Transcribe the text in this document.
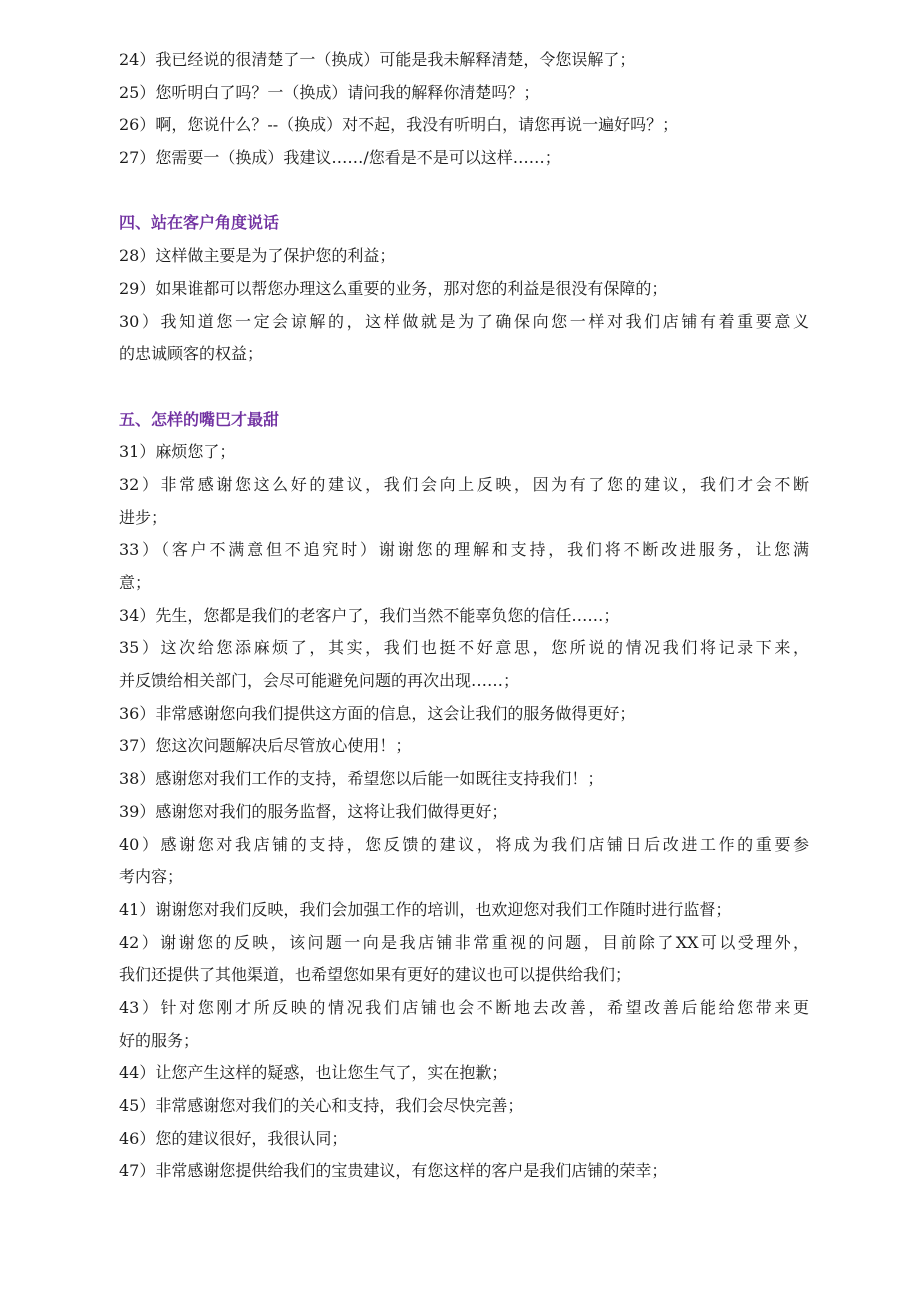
24）我已经说的很清楚了一（换成）可能是我未解释清楚，令您误解了；
25）您听明白了吗？一（换成）请问我的解释你清楚吗？；
26）啊，您说什么？--（换成）对不起，我没有听明白，请您再说一遍好吗？；
27）您需要一（换成）我建议……/您看是不是可以这样……；
四、站在客户角度说话
28）这样做主要是为了保护您的利益；
29）如果谁都可以帮您办理这么重要的业务，那对您的利益是很没有保障的；
30）我知道您一定会谅解的，这样做就是为了确保向您一样对我们店铺有着重要意义
的忠诚顾客的权益；
五、怎样的嘴巴才最甜
31）麻烦您了；
32）非常感谢您这么好的建议，我们会向上反映，因为有了您的建议，我们才会不断
进步；
33）（客户不满意但不追究时）谢谢您的理解和支持，我们将不断改进服务，让您满
意；
34）先生，您都是我们的老客户了，我们当然不能辜负您的信任……；
35）这次给您添麻烦了，其实，我们也挺不好意思，您所说的情况我们将记录下来，
并反馈给相关部门，会尽可能避免问题的再次出现……；
36）非常感谢您向我们提供这方面的信息，这会让我们的服务做得更好；
37）您这次问题解决后尽管放心使用！；
38）感谢您对我们工作的支持，希望您以后能一如既往支持我们！；
39）感谢您对我们的服务监督，这将让我们做得更好；
40）感谢您对我店铺的支持，您反馈的建议，将成为我们店铺日后改进工作的重要参
考内容；
41）谢谢您对我们反映，我们会加强工作的培训，也欢迎您对我们工作随时进行监督；
42）谢谢您的反映，该问题一向是我店铺非常重视的问题，目前除了XX可以受理外，
我们还提供了其他渠道，也希望您如果有更好的建议也可以提供给我们；
43）针对您刚才所反映的情况我们店铺也会不断地去改善，希望改善后能给您带来更
好的服务；
44）让您产生这样的疑惑，也让您生气了，实在抱歉；
45）非常感谢您对我们的关心和支持，我们会尽快完善；
46）您的建议很好，我很认同；
47）非常感谢您提供给我们的宝贵建议，有您这样的客户是我们店铺的荣幸；
